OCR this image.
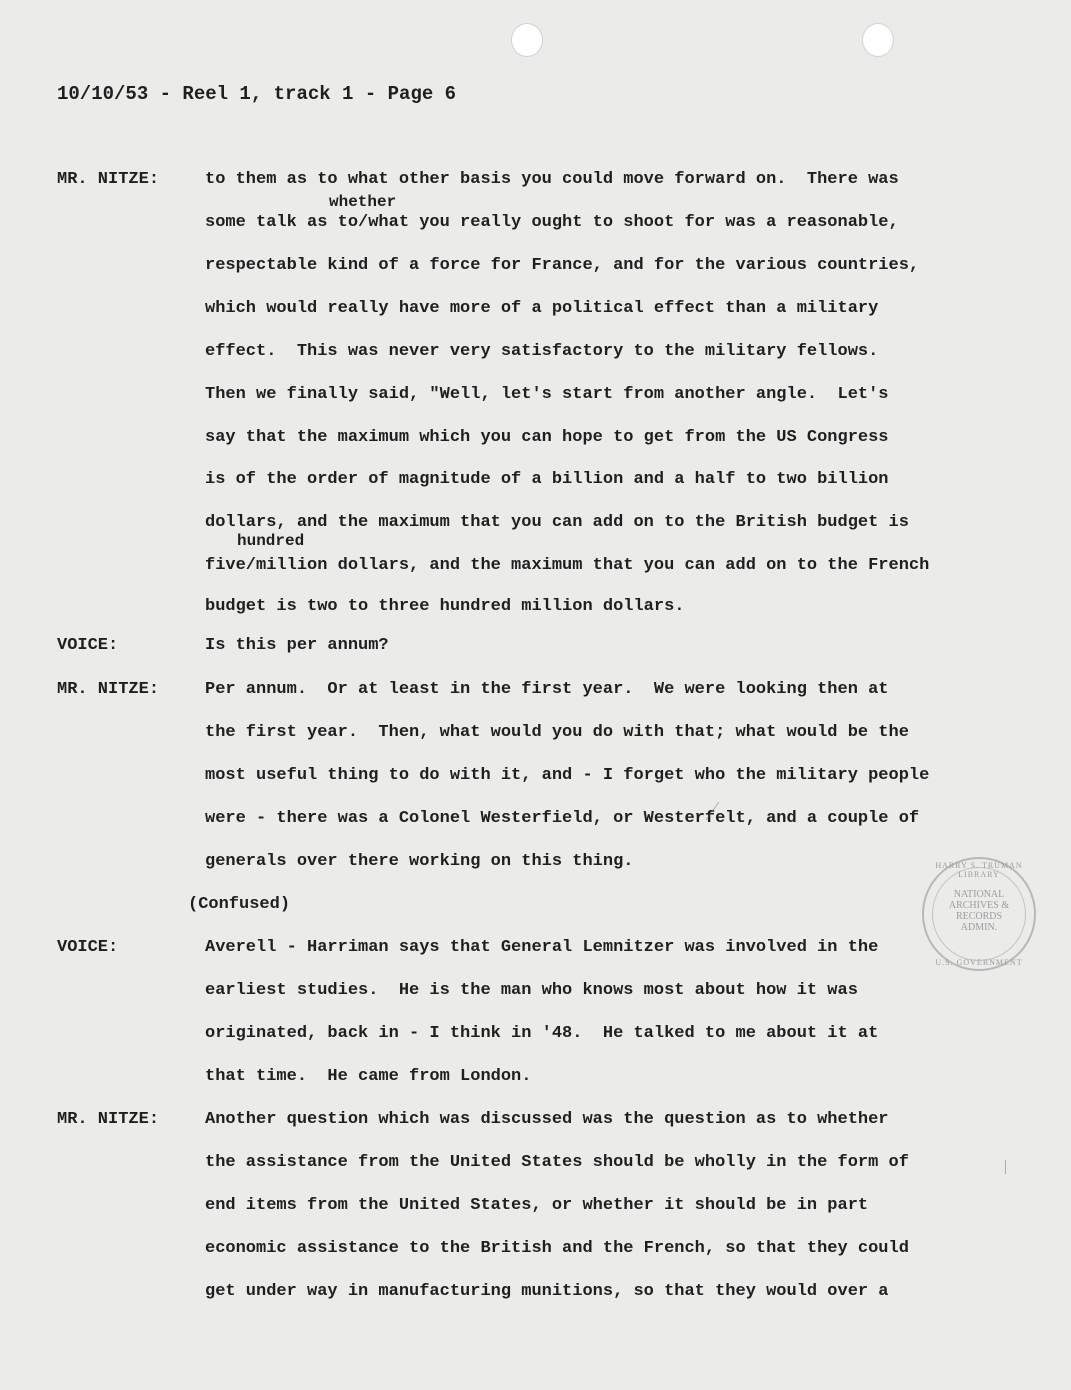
10/10/53 - Reel 1, track 1 - Page 6
MR. NITZE:
VOICE:
MR. NITZE:
VOICE:
MR. NITZE:
whether
hundred
to them as to what other basis you could move forward on.  There was
some talk as to/what you really ought to shoot for was a reasonable,
respectable kind of a force for France, and for the various countries,
which would really have more of a political effect than a military
effect.  This was never very satisfactory to the military fellows.
Then we finally said, "Well, let's start from another angle.  Let's
say that the maximum which you can hope to get from the US Congress
is of the order of magnitude of a billion and a half to two billion
dollars, and the maximum that you can add on to the British budget is
five/million dollars, and the maximum that you can add on to the French
budget is two to three hundred million dollars.
Is this per annum?
Per annum.  Or at least in the first year.  We were looking then at
the first year.  Then, what would you do with that; what would be the
most useful thing to do with it, and - I forget who the military people
were - there was a Colonel Westerfield, or Westerfelt, and a couple of
generals over there working on this thing.
(Confused)
Averell - Harriman says that General Lemnitzer was involved in the
earliest studies.  He is the man who knows most about how it was
originated, back in - I think in '48.  He talked to me about it at
that time.  He came from London.
Another question which was discussed was the question as to whether
the assistance from the United States should be wholly in the form of
end items from the United States, or whether it should be in part
economic assistance to the British and the French, so that they could
get under way in manufacturing munitions, so that they would over a
HARRY S. TRUMAN LIBRARY
NATIONAL
ARCHIVES &
RECORDS
ADMIN.
U.S. GOVERNMENT
